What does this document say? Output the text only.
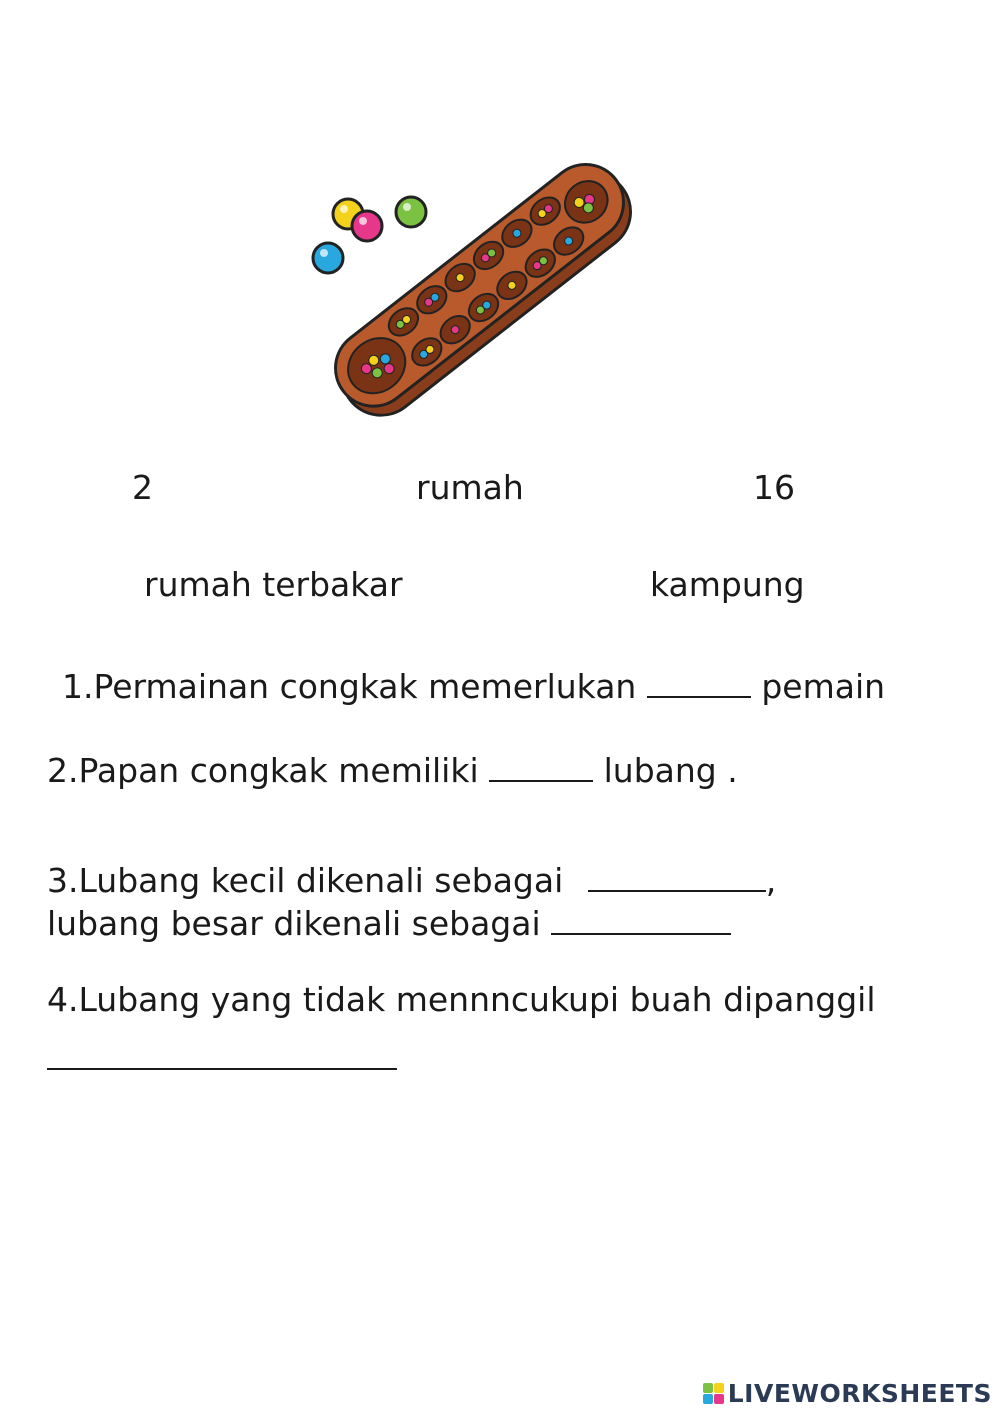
2	rumah	16
rumah terbakar	kampung
1.Permainan congkak memerlukan	pemain
2.Papan congkak memiliki	lubang .
3.Lubang kecil dikenali sebagai	,
lubang besar dikenali sebagai
4.Lubang yang tidak mennncukupi buah dipanggil
LIVEWORKSHEETS
